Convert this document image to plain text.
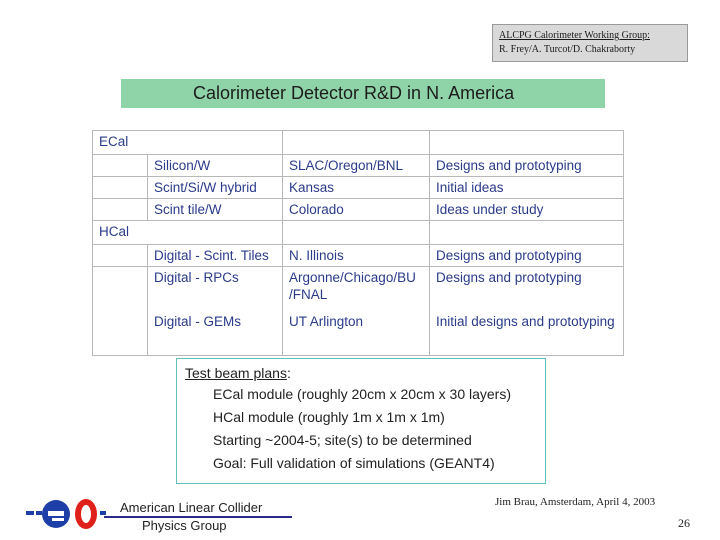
ALCPG Calorimeter Working Group:
R. Frey/A. Turcot/D. Chakraborty
Calorimeter Detector R&D in N. America
ECal			
	Silicon/W	SLAC/Oregon/BNL	Designs and prototyping
	Scint/Si/W hybrid	Kansas	Initial ideas
	Scint tile/W	Colorado	Ideas under study
HCal			
	Digital - Scint. Tiles	N. Illinois	Designs and prototyping
	Digital - RPCs	Argonne/Chicago/BU /FNAL	Designs and prototyping
	Digital - GEMs	UT Arlington	Initial designs and prototyping
Test beam plans:
ECal module (roughly 20cm x 20cm x 30 layers)
HCal module (roughly 1m x 1m x 1m)
Starting ~2004-5; site(s) to be determined
Goal: Full validation of simulations (GEANT4)
American Linear Collider
Physics Group
Jim Brau, Amsterdam, April 4, 2003
26
